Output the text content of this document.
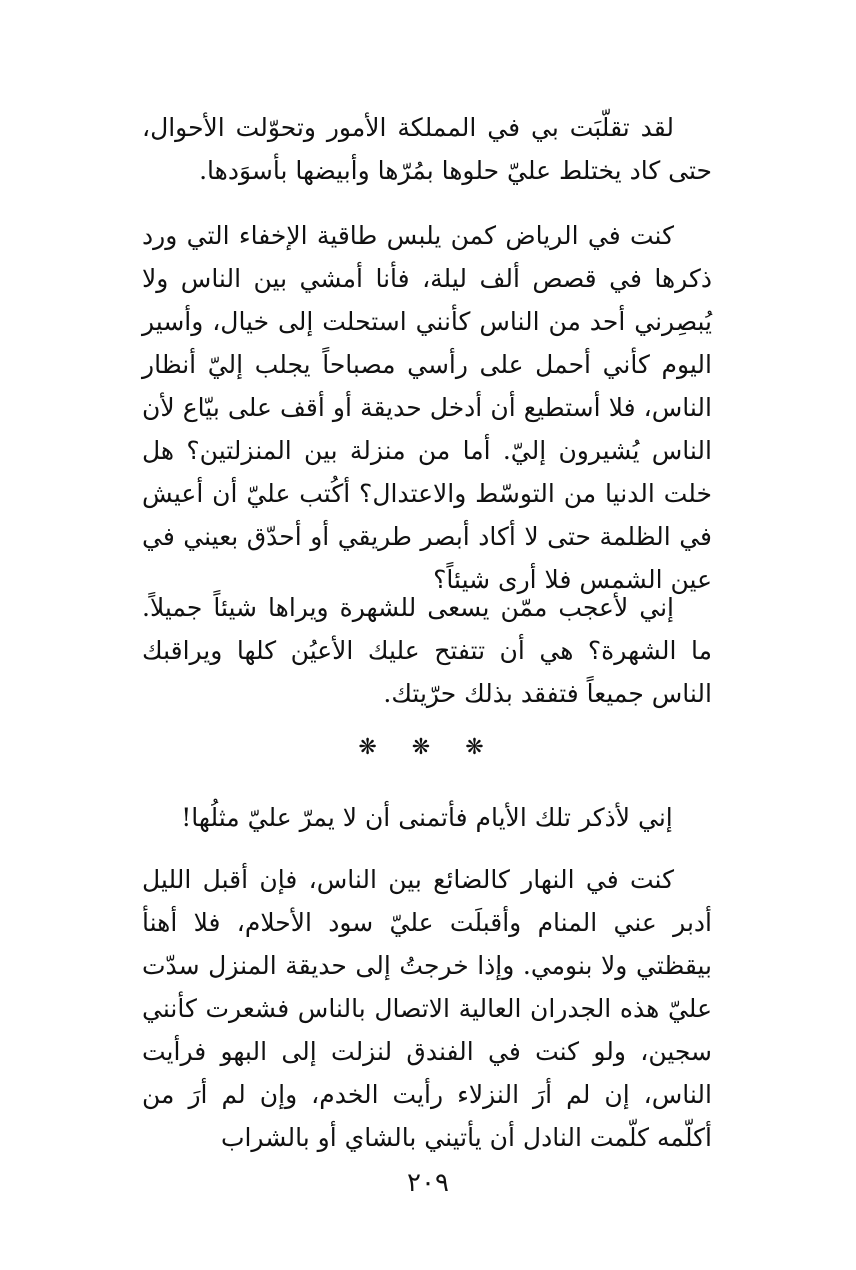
لقد تقلّبَت بي في المملكة الأمور وتحوّلت الأحوال، حتى كاد يختلط عليّ حلوها بمُرّها وأبيضها بأسوَدها.

كنت في الرياض كمن يلبس طاقية الإخفاء التي ورد ذكرها في قصص ألف ليلة، فأنا أمشي بين الناس ولا يُبصِرني أحد من الناس كأنني استحلت إلى خيال، وأسير اليوم كأني أحمل على رأسي مصباحاً يجلب إليّ أنظار الناس، فلا أستطيع أن أدخل حديقة أو أقف على بيّاع لأن الناس يُشيرون إليّ. أما من منزلة بين المنزلتين؟ هل خلت الدنيا من التوسّط والاعتدال؟ أكُتب عليّ أن أعيش في الظلمة حتى لا أكاد أبصر طريقي أو أحدّق بعيني في عين الشمس فلا أرى شيئاً؟

إني لأعجب ممّن يسعى للشهرة ويراها شيئاً جميلاً. ما الشهرة؟ هي أن تتفتح عليك الأعيُن كلها ويراقبك الناس جميعاً فتفقد بذلك حرّيتك.

❋ ❋ ❋
إني لأذكر تلك الأيام فأتمنى أن لا يمرّ عليّ مثلُها!

كنت في النهار كالضائع بين الناس، فإن أقبل الليل أدبر عني المنام وأقبلَت عليّ سود الأحلام، فلا أهنأ بيقظتي ولا بنومي. وإذا خرجتُ إلى حديقة المنزل سدّت عليّ هذه الجدران العالية الاتصال بالناس فشعرت كأنني سجين، ولو كنت في الفندق لنزلت إلى البهو فرأيت الناس، إن لم أرَ النزلاء رأيت الخدم، وإن لم أرَ من أكلّمه كلّمت النادل أن يأتيني بالشاي أو بالشراب

٢٠٩
